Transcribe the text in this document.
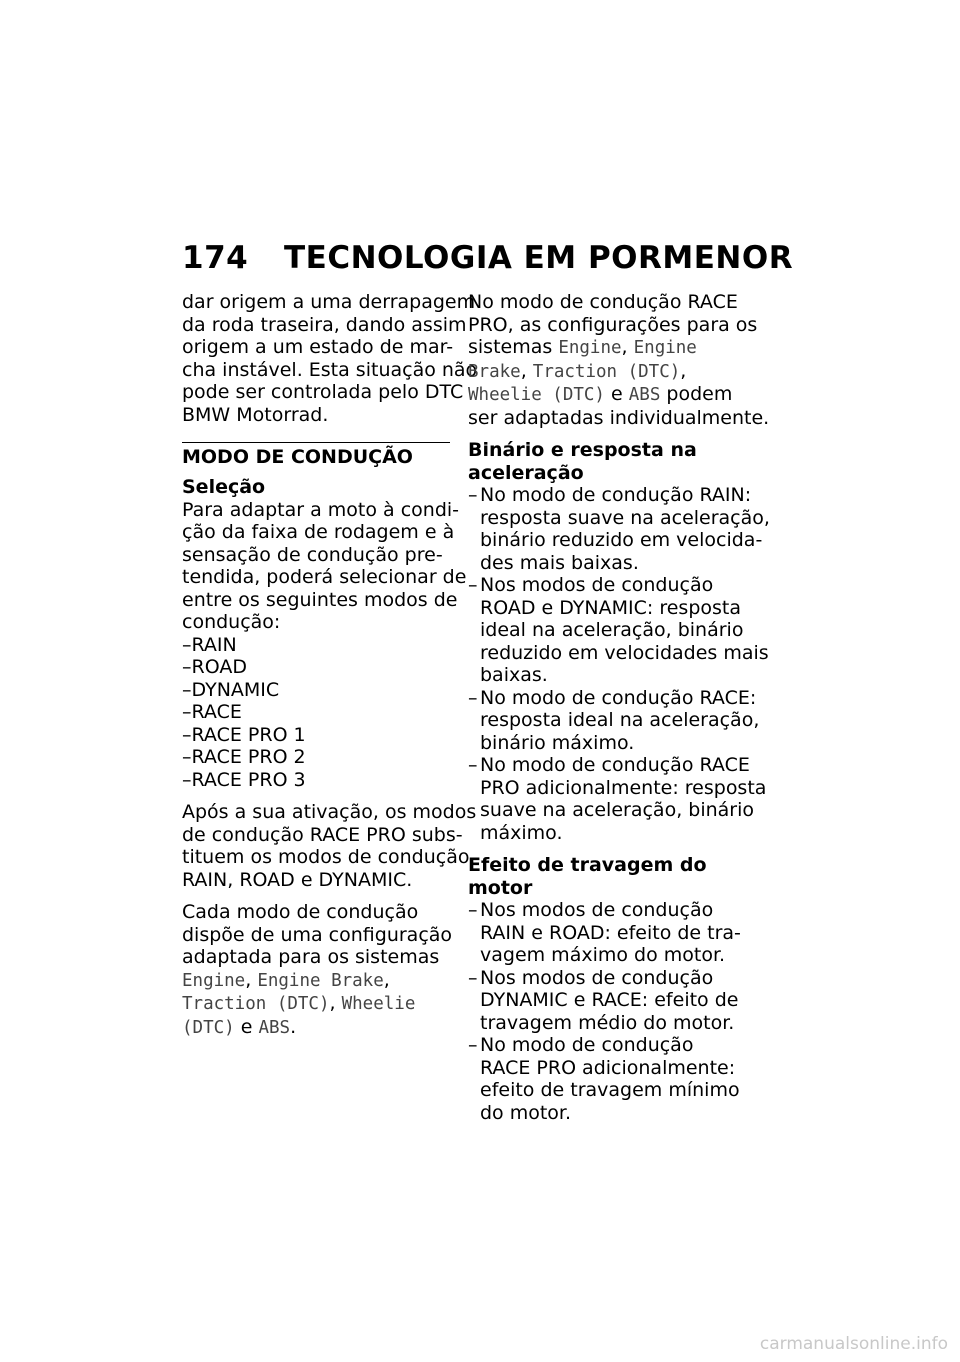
174 TECNOLOGIA EM PORMENOR

dar origem a uma derrapagem
da roda traseira, dando assim
origem a um estado de mar-
cha instável. Esta situação não
pode ser controlada pelo DTC
BMW Motorrad.

MODO DE CONDUÇÃO
Seleção

Para adaptar a moto à condi-
ção da faixa de rodagem e à
sensação de condução pre-
tendida, poderá selecionar de
entre os seguintes modos de
condução:

– RAIN
– ROAD
– DYNAMIC
– RACE
– RACE PRO 1
– RACE PRO 2
– RACE PRO 3

Após a sua ativação, os modos
de condução RACE PRO subs-
tituem os modos de condução
RAIN, ROAD e DYNAMIC.

Cada modo de condução
dispõe de uma configuração
adaptada para os sistemas
Engine, Engine Brake,
Traction (DTC), Wheelie
(DTC) e ABS.

No modo de condução RACE
PRO, as configurações para os
sistemas Engine, Engine
Brake, Traction (DTC),
Wheelie (DTC) e ABS podem
ser adaptadas individualmente.

Binário e resposta na
aceleração
– No modo de condução RAIN:
resposta suave na aceleração,
binário reduzido em velocida-
des mais baixas.
– Nos modos de condução
ROAD e DYNAMIC: resposta
ideal na aceleração, binário
reduzido em velocidades mais
baixas.
– No modo de condução RACE:
resposta ideal na aceleração,
binário máximo.
– No modo de condução RACE
PRO adicionalmente: resposta
suave na aceleração, binário
máximo.
Efeito de travagem do motor
– Nos modos de condução
RAIN e ROAD: efeito de tra-
vagem máximo do motor.
– Nos modos de condução
DYNAMIC e RACE: efeito de
travagem médio do motor.
– No modo de condução
RACE PRO adicionalmente:
efeito de travagem mínimo
do motor.
carmanualsonline.info
